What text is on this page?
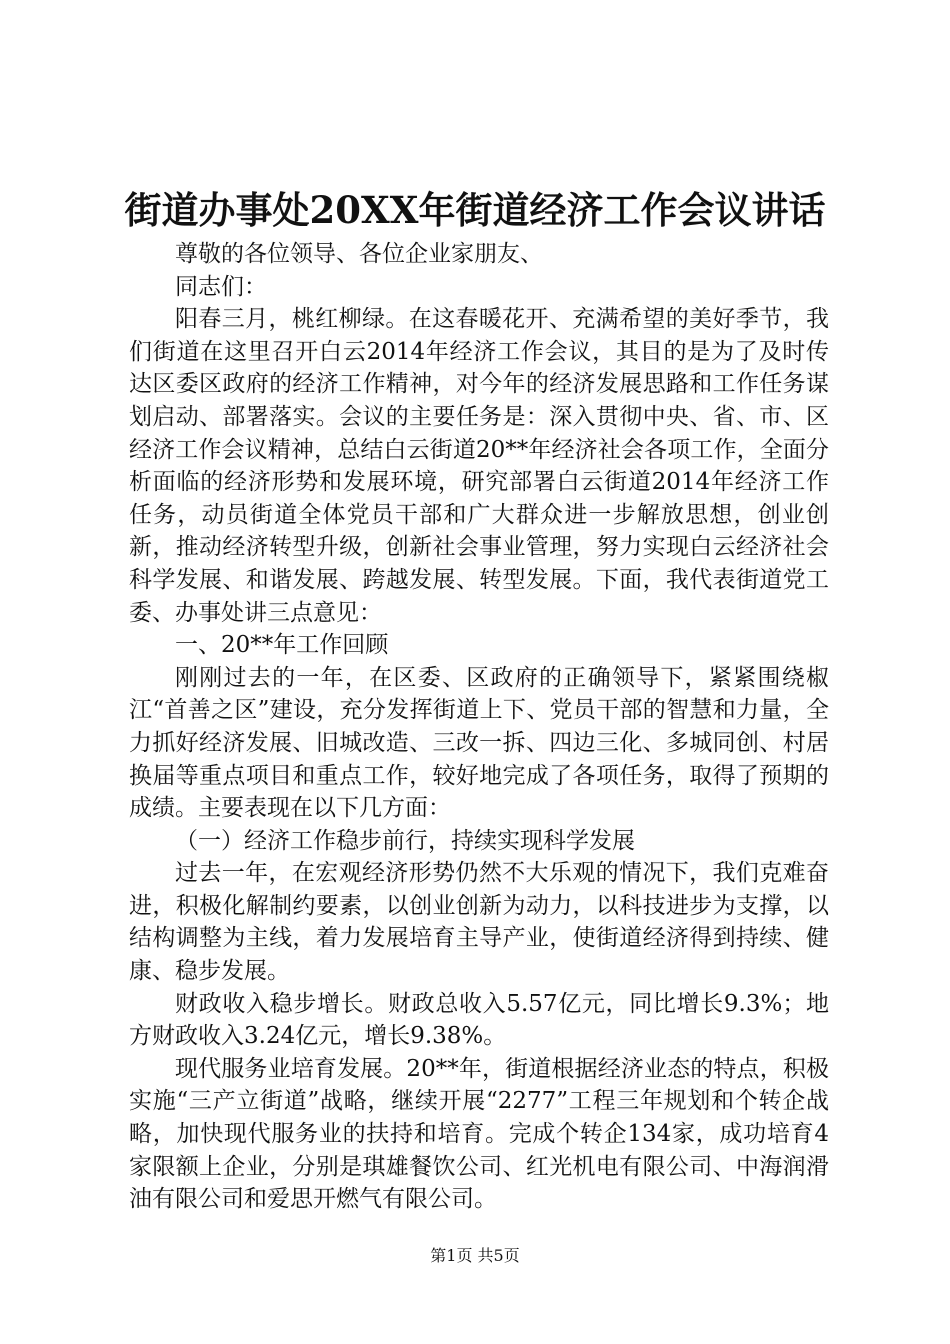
街道办事处20XX年街道经济工作会议讲话

尊敬的各位领导、各位企业家朋友、

同志们：

阳春三月，桃红柳绿。在这春暖花开、充满希望的美好季节，我们街道在这里召开白云2014年经济工作会议，其目的是为了及时传达区委区政府的经济工作精神，对今年的经济发展思路和工作任务谋划启动、部署落实。会议的主要任务是：深入贯彻中央、省、市、区经济工作会议精神，总结白云街道20**年经济社会各项工作，全面分析面临的经济形势和发展环境，研究部署白云街道2014年经济工作任务，动员街道全体党员干部和广大群众进一步解放思想，创业创新，推动经济转型升级，创新社会事业管理，努力实现白云经济社会科学发展、和谐发展、跨越发展、转型发展。下面，我代表街道党工委、办事处讲三点意见：

一、20**年工作回顾

刚刚过去的一年，在区委、区政府的正确领导下，紧紧围绕椒江“首善之区”建设，充分发挥街道上下、党员干部的智慧和力量，全力抓好经济发展、旧城改造、三改一拆、四边三化、多城同创、村居换届等重点项目和重点工作，较好地完成了各项任务，取得了预期的成绩。主要表现在以下几方面：

（一）经济工作稳步前行，持续实现科学发展

过去一年，在宏观经济形势仍然不大乐观的情况下，我们克难奋进，积极化解制约要素，以创业创新为动力，以科技进步为支撑，以结构调整为主线，着力发展培育主导产业，使街道经济得到持续、健康、稳步发展。

财政收入稳步增长。财政总收入5.57亿元，同比增长9.3%；地方财政收入3.24亿元，增长9.38%。

现代服务业培育发展。20**年，街道根据经济业态的特点，积极实施“三产立街道”战略，继续开展“2277”工程三年规划和个转企战略，加快现代服务业的扶持和培育。完成个转企134家，成功培育4家限额上企业，分别是琪雄餐饮公司、红光机电有限公司、中海润滑油有限公司和爱思开燃气有限公司。

第1页 共5页
